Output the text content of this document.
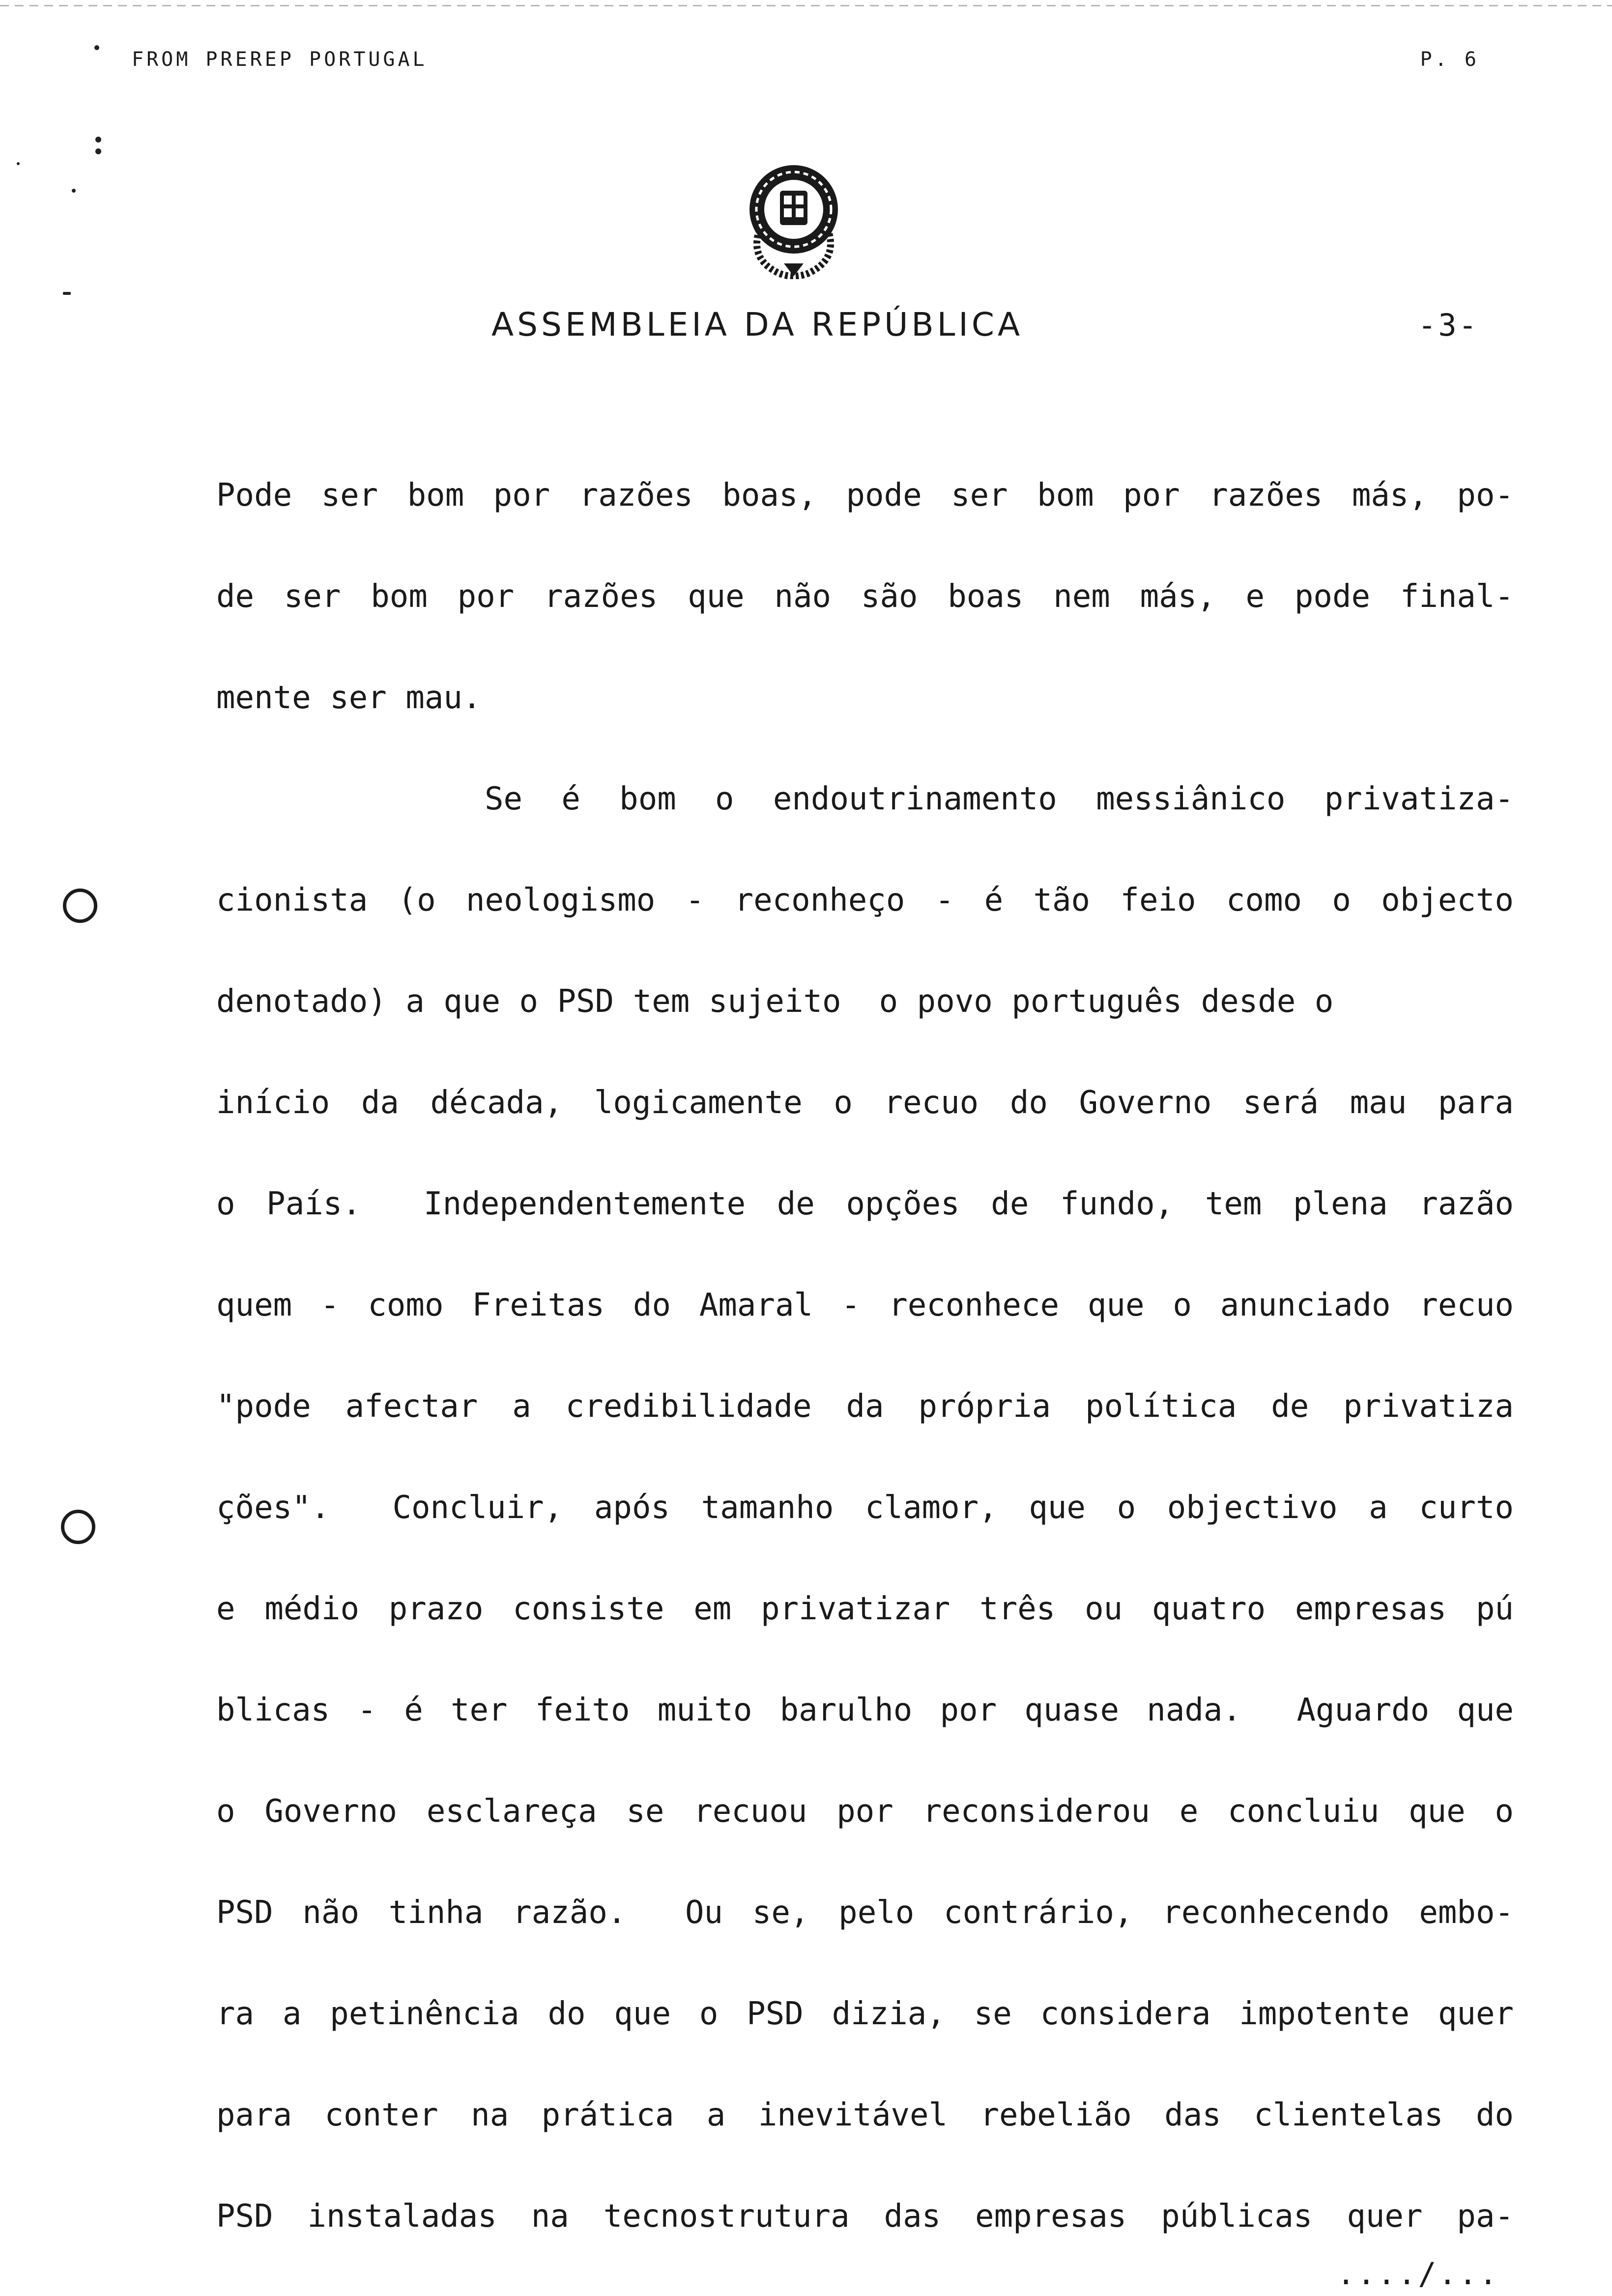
FROM PREREP PORTUGAL	P. 6
ASSEMBLEIA DA REPÚBLICA	-3-
Pode ser bom por razões boas, pode ser bom por razões más, po-
de ser bom por razões que não são boas nem más, e pode final-
mente ser mau.
Se é bom o endoutrinamento messiânico privatiza-
cionista (o neologismo - reconheço - é tão feio como o objecto
denotado) a que o PSD tem sujeito  o povo português desde o
início da década, logicamente o recuo do Governo será mau para
o País.  Independentemente de opções de fundo, tem plena razão
quem - como Freitas do Amaral - reconhece que o anunciado recuo
"pode afectar a credibilidade da própria política de privatiza
ções".  Concluir, após tamanho clamor, que o objectivo a curto
e médio prazo consiste em privatizar três ou quatro empresas pú
blicas - é ter feito muito barulho por quase nada.  Aguardo que
o Governo esclareça se recuou por reconsiderou e concluiu que o
PSD não tinha razão.  Ou se, pelo contrário, reconhecendo embo-
ra a petinência do que o PSD dizia, se considera impotente quer
para conter na prática a inevitável rebelião das clientelas do
PSD instaladas na tecnostrutura das empresas públicas quer pa-
..../...
